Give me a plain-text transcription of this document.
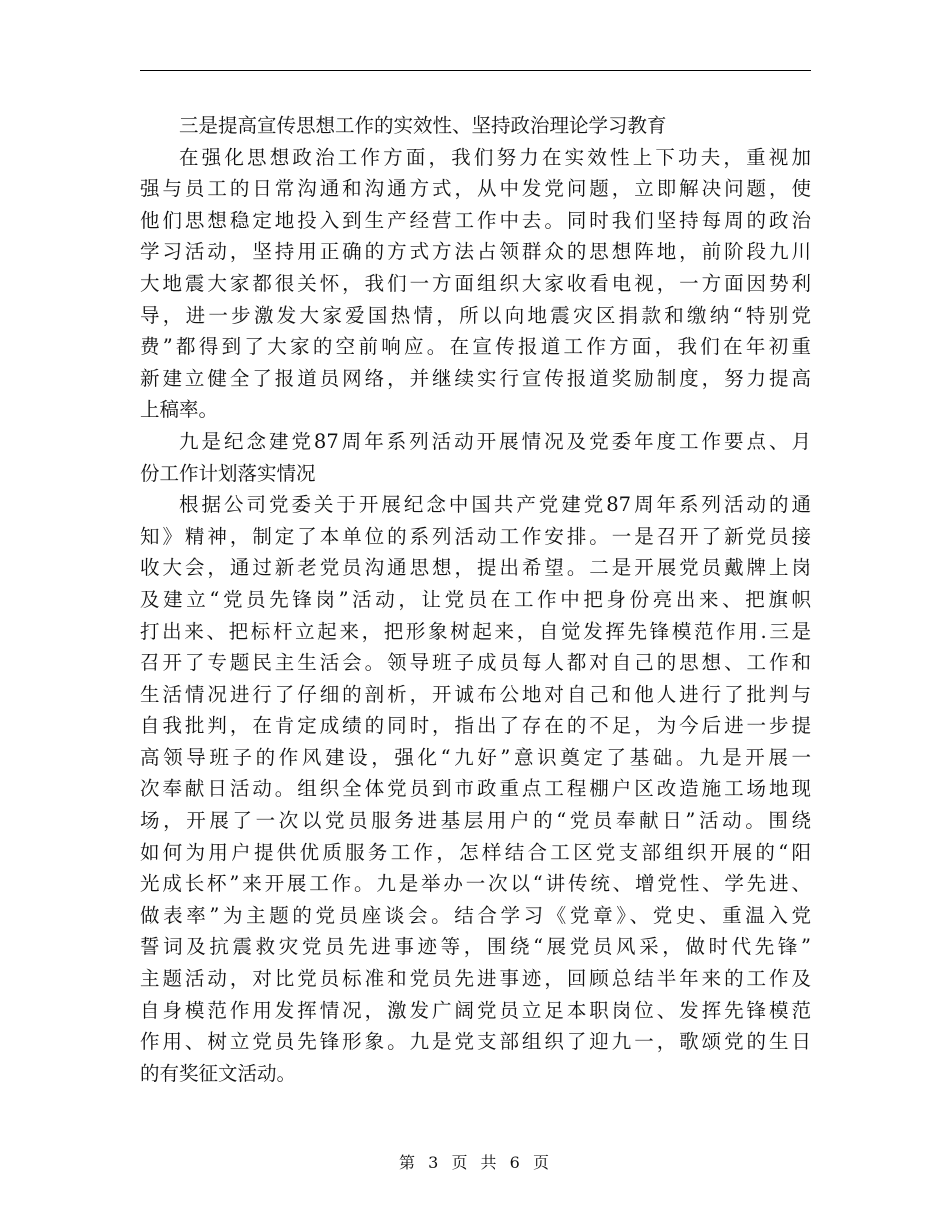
三是提高宣传思想工作的实效性、坚持政治理论学习教育
在强化思想政治工作方面，我们努力在实效性上下功夫，重视加
强与员工的日常沟通和沟通方式，从中发党问题，立即解决问题，使
他们思想稳定地投入到生产经营工作中去。同时我们坚持每周的政治
学习活动，坚持用正确的方式方法占领群众的思想阵地，前阶段九川
大地震大家都很关怀，我们一方面组织大家收看电视，一方面因势利
导，进一步激发大家爱国热情，所以向地震灾区捐款和缴纳“特别党
费”都得到了大家的空前响应。在宣传报道工作方面，我们在年初重
新建立健全了报道员网络，并继续实行宣传报道奖励制度，努力提高
上稿率。
九是纪念建党87周年系列活动开展情况及党委年度工作要点、月
份工作计划落实情况
根据公司党委关于开展纪念中国共产党建党87周年系列活动的通
知》精神，制定了本单位的系列活动工作安排。一是召开了新党员接
收大会，通过新老党员沟通思想，提出希望。二是开展党员戴牌上岗
及建立“党员先锋岗”活动，让党员在工作中把身份亮出来、把旗帜
打出来、把标杆立起来，把形象树起来，自觉发挥先锋模范作用.三是
召开了专题民主生活会。领导班子成员每人都对自己的思想、工作和
生活情况进行了仔细的剖析，开诚布公地对自己和他人进行了批判与
自我批判，在肯定成绩的同时，指出了存在的不足，为今后进一步提
高领导班子的作风建设，强化“九好”意识奠定了基础。九是开展一
次奉献日活动。组织全体党员到市政重点工程棚户区改造施工场地现
场，开展了一次以党员服务进基层用户的“党员奉献日”活动。围绕
如何为用户提供优质服务工作，怎样结合工区党支部组织开展的“阳
光成长杯”来开展工作。九是举办一次以“讲传统、增党性、学先进、
做表率”为主题的党员座谈会。结合学习《党章》、党史、重温入党
誓词及抗震救灾党员先进事迹等，围绕“展党员风采，做时代先锋”
主题活动，对比党员标准和党员先进事迹，回顾总结半年来的工作及
自身模范作用发挥情况，激发广阔党员立足本职岗位、发挥先锋模范
作用、树立党员先锋形象。九是党支部组织了迎九一，歌颂党的生日
的有奖征文活动。
第 3 页 共 6 页
